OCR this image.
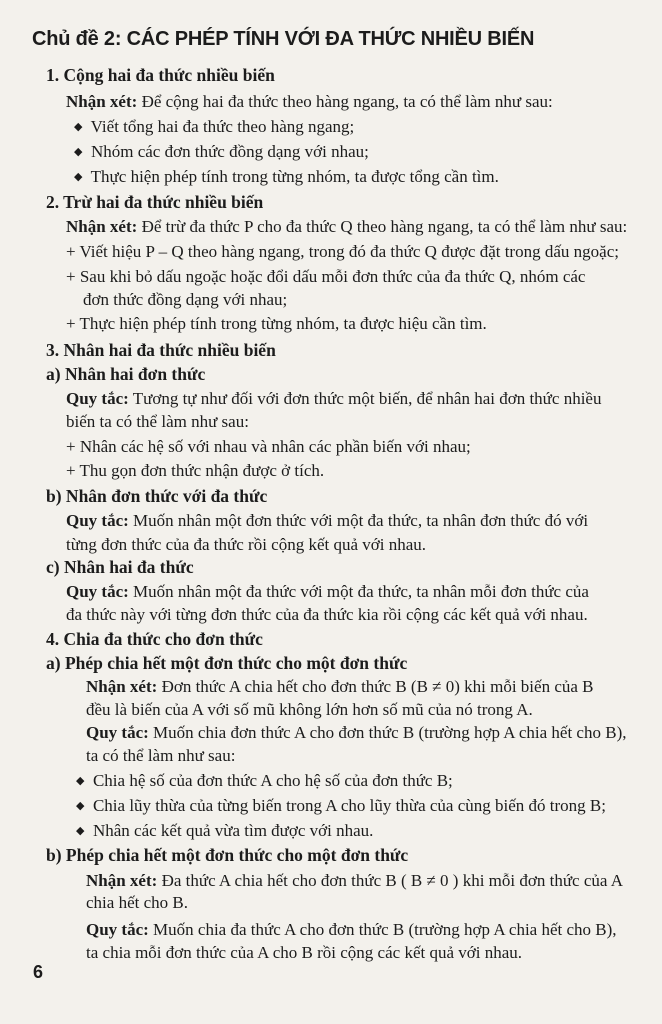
Chủ đề 2: CÁC PHÉP TÍNH VỚI ĐA THỨC NHIỀU BIẾN
1. Cộng hai đa thức nhiều biến
Nhận xét: Để cộng hai đa thức theo hàng ngang, ta có thể làm như sau:
◆ Viết tổng hai đa thức theo hàng ngang;
◆ Nhóm các đơn thức đồng dạng với nhau;
◆ Thực hiện phép tính trong từng nhóm, ta được tổng cần tìm.
2. Trừ hai đa thức nhiều biến
Nhận xét: Để trừ đa thức P cho đa thức Q theo hàng ngang, ta có thể làm như sau:
+ Viết hiệu P – Q theo hàng ngang, trong đó đa thức Q được đặt trong dấu ngoặc;
+ Sau khi bỏ dấu ngoặc hoặc đổi dấu mỗi đơn thức của đa thức Q, nhóm các
đơn thức đồng dạng với nhau;
+ Thực hiện phép tính trong từng nhóm, ta được hiệu cần tìm.
3. Nhân hai đa thức nhiều biến
a) Nhân hai đơn thức
Quy tắc: Tương tự như đối với đơn thức một biến, để nhân hai đơn thức nhiều
biến ta có thể làm như sau:
+ Nhân các hệ số với nhau và nhân các phần biến với nhau;
+ Thu gọn đơn thức nhận được ở tích.
b) Nhân đơn thức với đa thức
Quy tắc: Muốn nhân một đơn thức với một đa thức, ta nhân đơn thức đó với
từng đơn thức của đa thức rồi cộng kết quả với nhau.
c) Nhân hai đa thức
Quy tắc: Muốn nhân một đa thức với một đa thức, ta nhân mỗi đơn thức của
đa thức này với từng đơn thức của đa thức kia rồi cộng các kết quả với nhau.
4. Chia đa thức cho đơn thức
a) Phép chia hết một đơn thức cho một đơn thức
Nhận xét: Đơn thức A chia hết cho đơn thức B (B ≠ 0) khi mỗi biến của B
đều là biến của A với số mũ không lớn hơn số mũ của nó trong A.
Quy tắc: Muốn chia đơn thức A cho đơn thức B (trường hợp A chia hết cho B),
ta có thể làm như sau:
◆ Chia hệ số của đơn thức A cho hệ số của đơn thức B;
◆ Chia lũy thừa của từng biến trong A cho lũy thừa của cùng biến đó trong B;
◆ Nhân các kết quả vừa tìm được với nhau.
b) Phép chia hết một đơn thức cho một đơn thức
Nhận xét: Đa thức A chia hết cho đơn thức B ( B ≠ 0 ) khi mỗi đơn thức của A
chia hết cho B.
Quy tắc: Muốn chia đa thức A cho đơn thức B (trường hợp A chia hết cho B),
ta chia mỗi đơn thức của A cho B rồi cộng các kết quả với nhau.
6
